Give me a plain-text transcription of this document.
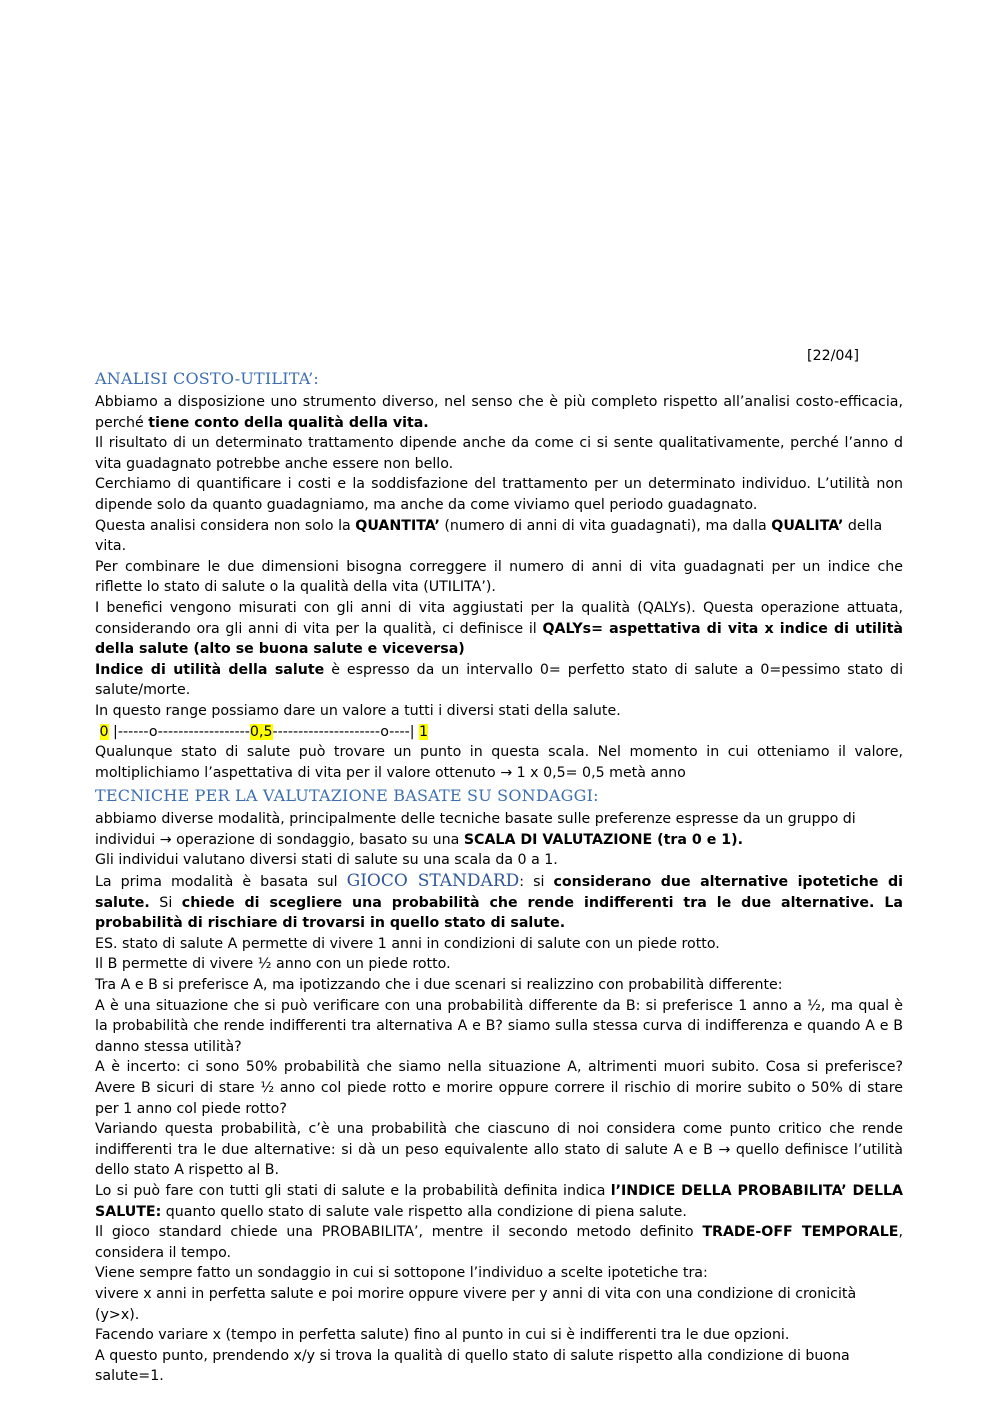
[22/04]
ANALISI COSTO-UTILITA’:

Abbiamo a disposizione uno strumento diverso, nel senso che è più completo rispetto all’analisi costo-efficacia, perché tiene conto della qualità della vita.

Il risultato di un determinato trattamento dipende anche da come ci si sente qualitativamente, perché l’anno d vita guadagnato potrebbe anche essere non bello.

Cerchiamo di quantificare i costi e la soddisfazione del trattamento per un determinato individuo. L’utilità non dipende solo da quanto guadagniamo, ma anche da come viviamo quel periodo guadagnato.

Questa analisi considera non solo la QUANTITA’ (numero di anni di vita guadagnati), ma dalla QUALITA’ della vita.

Per combinare le due dimensioni bisogna correggere il numero di anni di vita guadagnati per un indice che riflette lo stato di salute o la qualità della vita (UTILITA’).

I benefici vengono misurati con gli anni di vita aggiustati per la qualità (QALYs). Questa operazione attuata, considerando ora gli anni di vita per la qualità, ci definisce il QALYs= aspettativa di vita x indice di utilità della salute (alto se buona salute e viceversa)

Indice di utilità della salute è espresso da un intervallo 0= perfetto stato di salute a 0=pessimo stato di salute/morte.

In questo range possiamo dare un valore a tutti i diversi stati della salute.

0 |------o------------------0,5---------------------o----| 1

Qualunque stato di salute può trovare un punto in questa scala. Nel momento in cui otteniamo il valore, moltiplichiamo l’aspettativa di vita per il valore ottenuto → 1 x 0,5= 0,5 metà anno

TECNICHE PER LA VALUTAZIONE BASATE SU SONDAGGI:

abbiamo diverse modalità, principalmente delle tecniche basate sulle preferenze espresse da un gruppo di individui → operazione di sondaggio, basato su una SCALA DI VALUTAZIONE (tra 0 e 1).

Gli individui valutano diversi stati di salute su una scala da 0 a 1.

La prima modalità è basata sul GIOCO STANDARD: si considerano due alternative ipotetiche di salute. Si chiede di scegliere una probabilità che rende indifferenti tra le due alternative. La probabilità di rischiare di trovarsi in quello stato di salute.

ES. stato di salute A permette di vivere 1 anni in condizioni di salute con un piede rotto.

Il B permette di vivere ½ anno con un piede rotto.

Tra A e B si preferisce A, ma ipotizzando che i due scenari si realizzino con probabilità differente:

A è una situazione che si può verificare con una probabilità differente da B: si preferisce 1 anno a ½, ma qual è la probabilità che rende indifferenti tra alternativa A e B? siamo sulla stessa curva di indifferenza e quando A e B danno stessa utilità?

A è incerto: ci sono 50% probabilità che siamo nella situazione A, altrimenti muori subito. Cosa si preferisce? Avere B sicuri di stare ½ anno col piede rotto e morire oppure correre il rischio di morire subito o 50% di stare per 1 anno col piede rotto?

Variando questa probabilità, c’è una probabilità che ciascuno di noi considera come punto critico che rende indifferenti tra le due alternative: si dà un peso equivalente allo stato di salute A e B → quello definisce l’utilità dello stato A rispetto al B.

Lo si può fare con tutti gli stati di salute e la probabilità definita indica l’INDICE DELLA PROBABILITA’ DELLA SALUTE: quanto quello stato di salute vale rispetto alla condizione di piena salute.

Il gioco standard chiede una PROBABILITA’, mentre il secondo metodo definito TRADE-OFF TEMPORALE, considera il tempo.

Viene sempre fatto un sondaggio in cui si sottopone l’individuo a scelte ipotetiche tra:

vivere x anni in perfetta salute e poi morire oppure vivere per y anni di vita con una condizione di cronicità (y>x).

Facendo variare x (tempo in perfetta salute) fino al punto in cui si è indifferenti tra le due opzioni.

A questo punto, prendendo x/y si trova la qualità di quello stato di salute rispetto alla condizione di buona salute=1.
